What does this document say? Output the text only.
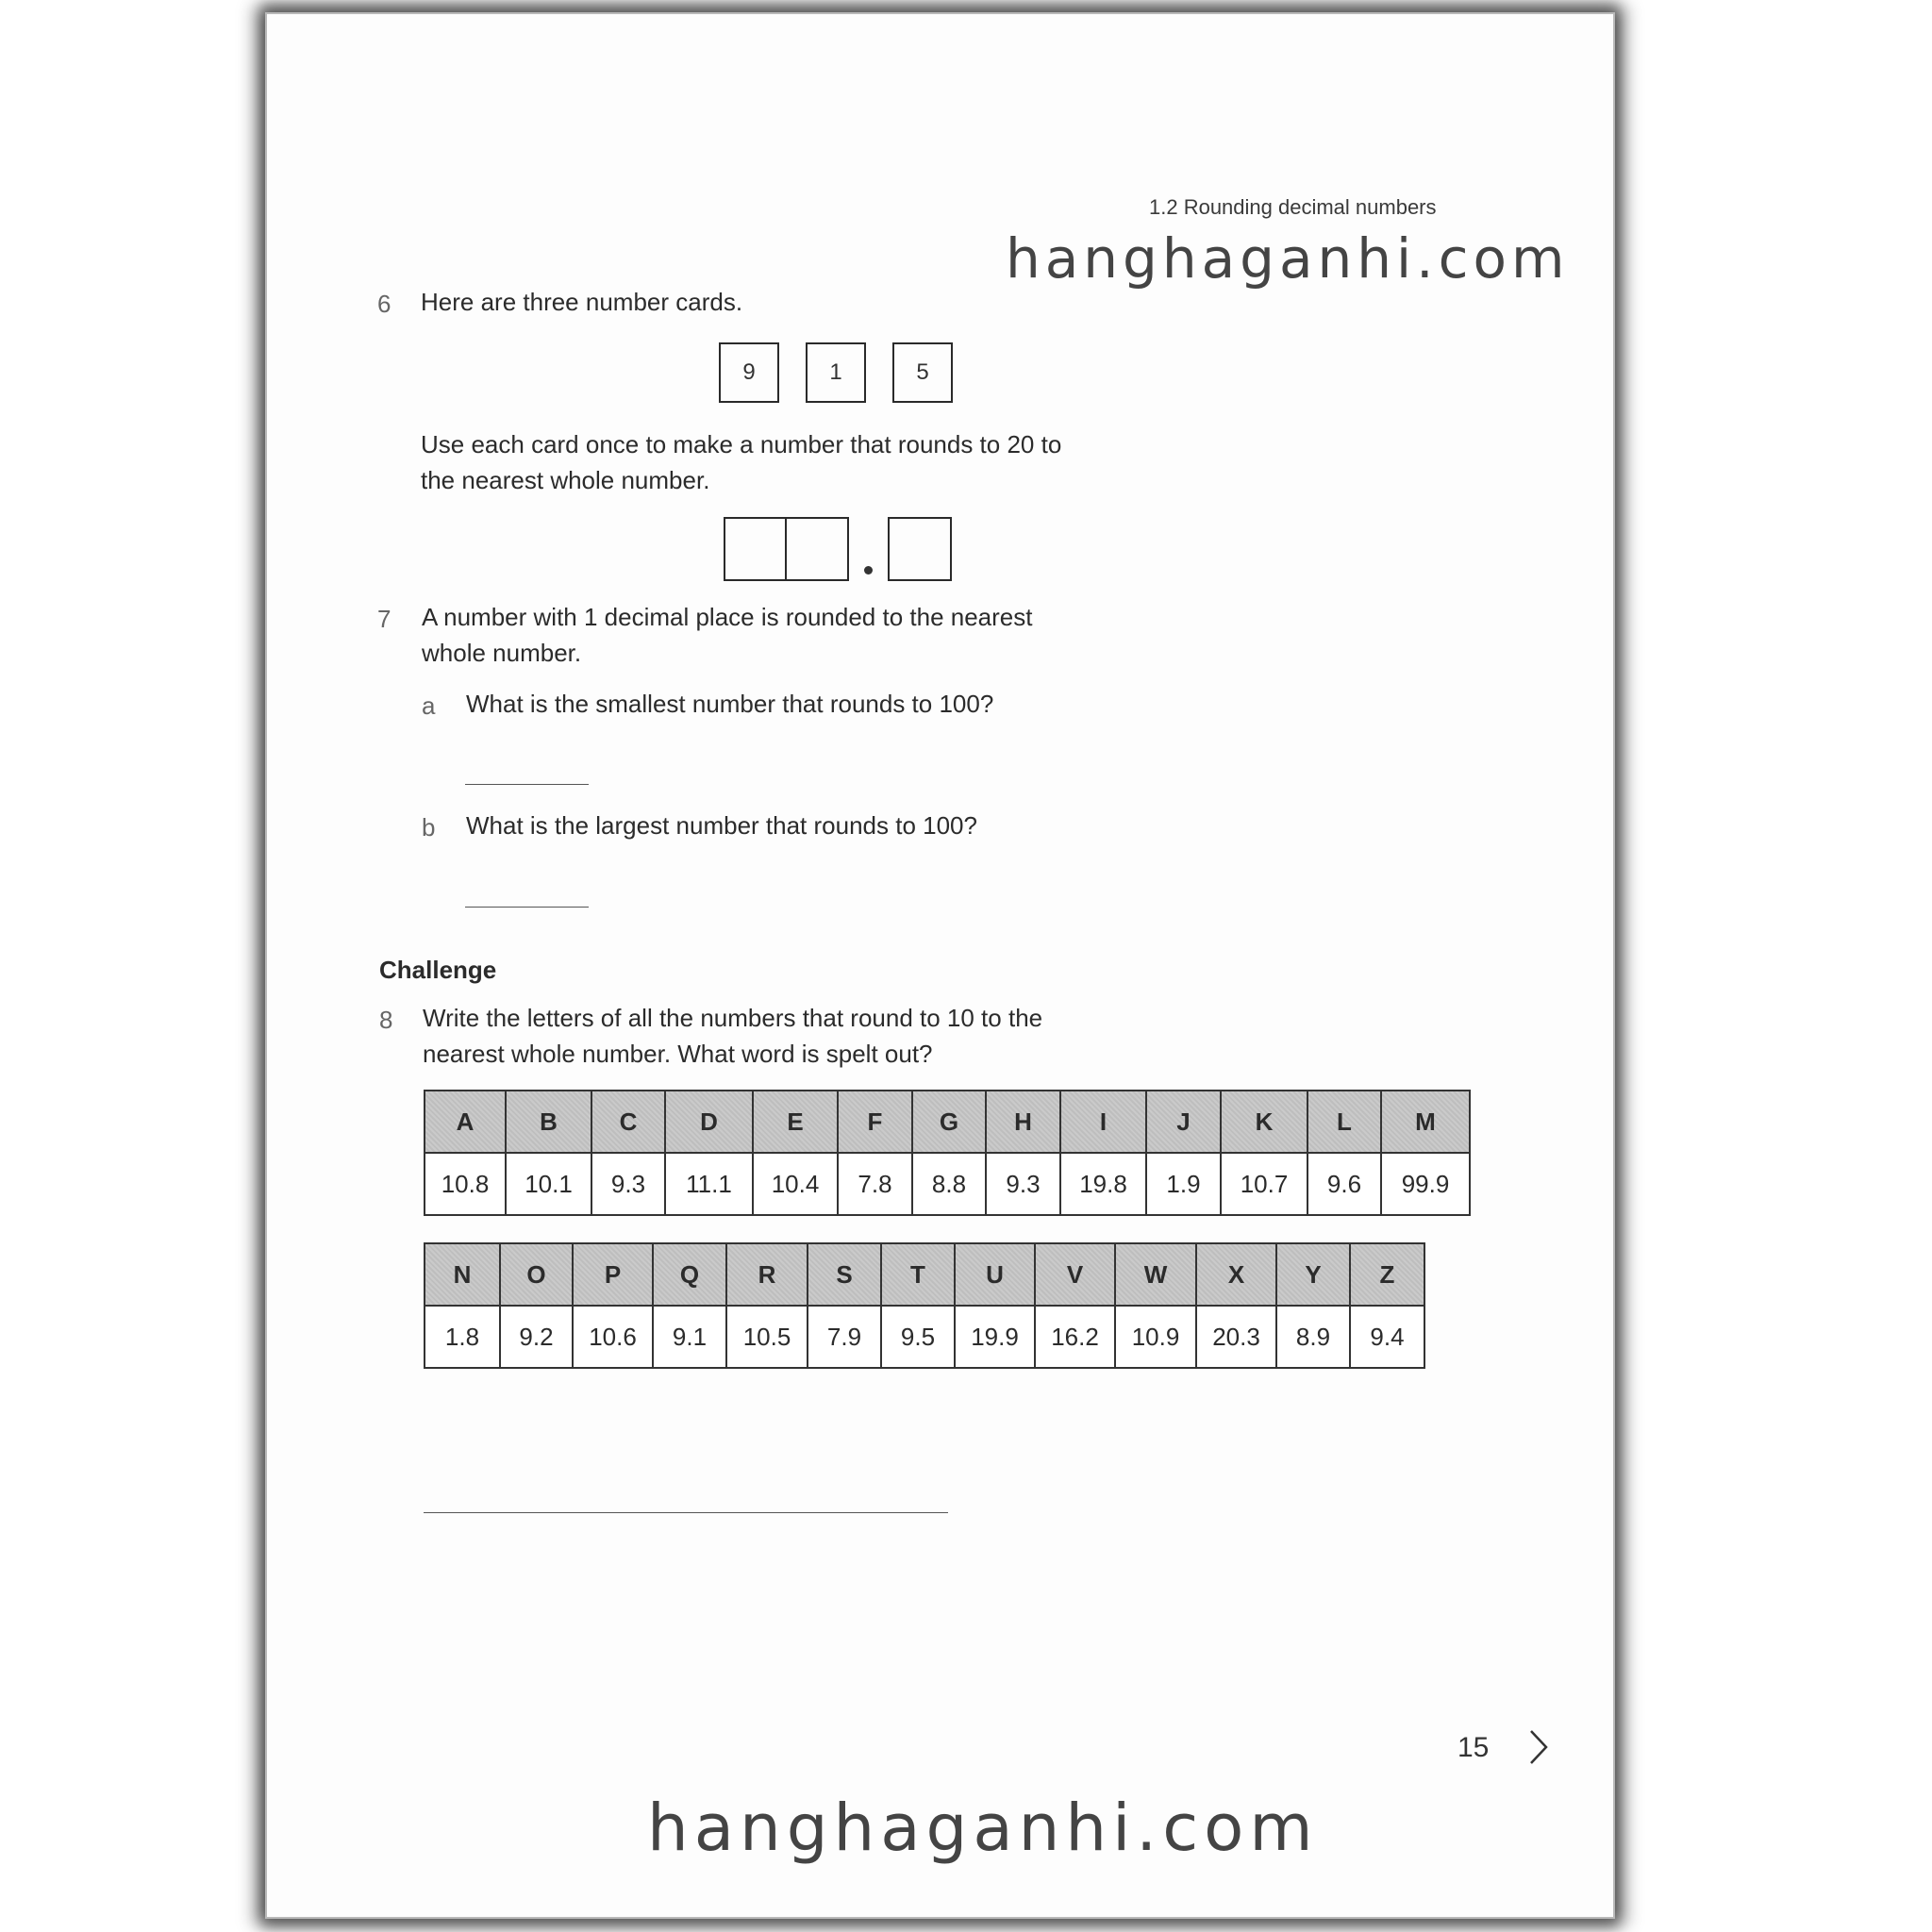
1.2 Rounding decimal numbers
hanghaganhi.com
6 Here are three number cards.
9	1	5
Use each card once to make a number that rounds to 20 to
the nearest whole number.
7 A number with 1 decimal place is rounded to the nearest
whole number.
a What is the smallest number that rounds to 100?
b What is the largest number that rounds to 100?
Challenge
8 Write the letters of all the numbers that round to 10 to the
nearest whole number. What word is spelt out?
A	B	C	D	E	F	G	H	I	J	K	L	M
10.8	10.1	9.3	11.1	10.4	7.8	8.8	9.3	19.8	1.9	10.7	9.6	99.9
N	O	P	Q	R	S	T	U	V	W	X	Y	Z
1.8	9.2	10.6	9.1	10.5	7.9	9.5	19.9	16.2	10.9	20.3	8.9	9.4
15
hanghaganhi.com
